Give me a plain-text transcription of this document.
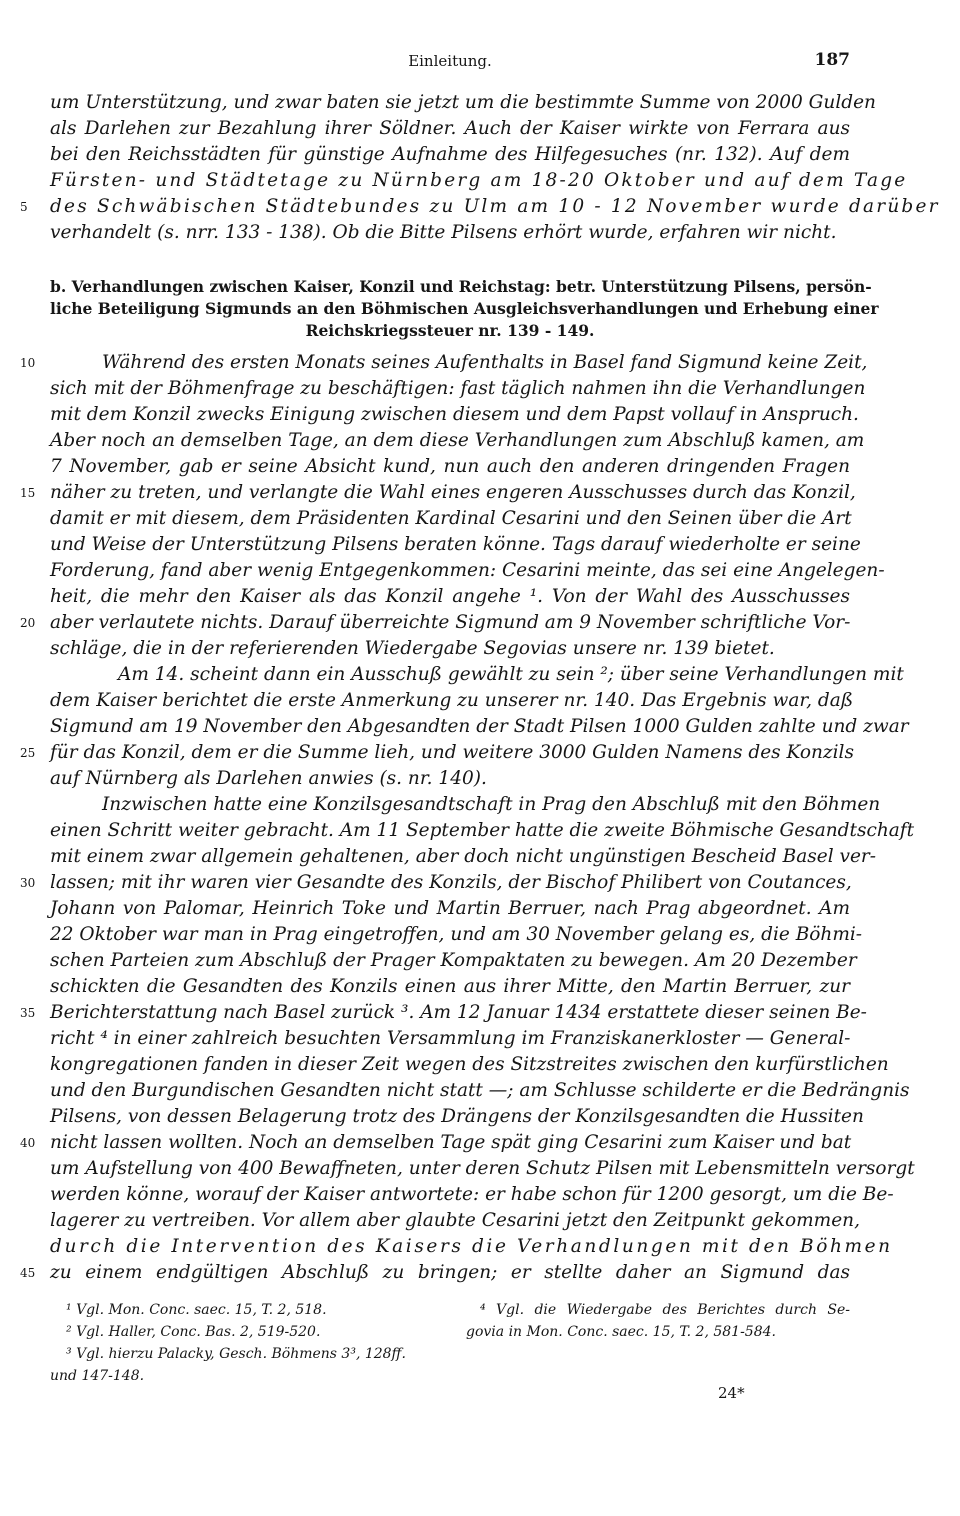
Einleitung.	187
um Unterstützung, und zwar baten sie jetzt um die bestimmte Summe von 2000 Gulden
als Darlehen zur Bezahlung ihrer Söldner. Auch der Kaiser wirkte von Ferrara aus
bei den Reichsstädten für günstige Aufnahme des Hilfegesuches (nr. 132). Auf dem
Fürsten- und Städtetage zu Nürnberg am 18-20 Oktober und auf dem Tage
5	des Schwäbischen Städtebundes zu Ulm am 10 - 12 November wurde darüber
verhandelt (s. nrr. 133 - 138). Ob die Bitte Pilsens erhört wurde, erfahren wir nicht.
b. Verhandlungen zwischen Kaiser, Konzil und Reichstag: betr. Unterstützung Pilsens, persön-
liche Beteiligung Sigmunds an den Böhmischen Ausgleichsverhandlungen und Erhebung einer
Reichskriegssteuer nr. 139 - 149.
10	Während des ersten Monats seines Aufenthalts in Basel fand Sigmund keine Zeit,
sich mit der Böhmenfrage zu beschäftigen: fast täglich nahmen ihn die Verhandlungen
mit dem Konzil zwecks Einigung zwischen diesem und dem Papst vollauf in Anspruch.
Aber noch an demselben Tage, an dem diese Verhandlungen zum Abschluß kamen, am
7 November, gab er seine Absicht kund, nun auch den anderen dringenden Fragen
15 näher zu treten, und verlangte die Wahl eines engeren Ausschusses durch das Konzil,
damit er mit diesem, dem Präsidenten Kardinal Cesarini und den Seinen über die Art
und Weise der Unterstützung Pilsens beraten könne. Tags darauf wiederholte er seine
Forderung, fand aber wenig Entgegenkommen: Cesarini meinte, das sei eine Angelegen-
heit, die mehr den Kaiser als das Konzil angehe ¹. Von der Wahl des Ausschusses
20 aber verlautete nichts. Darauf überreichte Sigmund am 9 November schriftliche Vor-
schläge, die in der referierenden Wiedergabe Segovias unsere nr. 139 bietet.
Am 14. scheint dann ein Ausschuß gewählt zu sein ²; über seine Verhandlungen mit
dem Kaiser berichtet die erste Anmerkung zu unserer nr. 140. Das Ergebnis war, daß
Sigmund am 19 November den Abgesandten der Stadt Pilsen 1000 Gulden zahlte und zwar
25 für das Konzil, dem er die Summe lieh, und weitere 3000 Gulden Namens des Konzils
auf Nürnberg als Darlehen anwies (s. nr. 140).
Inzwischen hatte eine Konzilsgesandtschaft in Prag den Abschluß mit den Böhmen
einen Schritt weiter gebracht. Am 11 September hatte die zweite Böhmische Gesandtschaft
mit einem zwar allgemein gehaltenen, aber doch nicht ungünstigen Bescheid Basel ver-
30 lassen; mit ihr waren vier Gesandte des Konzils, der Bischof Philibert von Coutances,
Johann von Palomar, Heinrich Toke und Martin Berruer, nach Prag abgeordnet. Am
22 Oktober war man in Prag eingetroffen, und am 30 November gelang es, die Böhmi-
schen Parteien zum Abschluß der Prager Kompaktaten zu bewegen. Am 20 Dezember
schickten die Gesandten des Konzils einen aus ihrer Mitte, den Martin Berruer, zur
35 Berichterstattung nach Basel zurück ³. Am 12 Januar 1434 erstattete dieser seinen Be-
richt ⁴ in einer zahlreich besuchten Versammlung im Franziskanerkloster — General-
kongregationen fanden in dieser Zeit wegen des Sitzstreites zwischen den kurfürstlichen
und den Burgundischen Gesandten nicht statt —; am Schlusse schilderte er die Bedrängnis
Pilsens, von dessen Belagerung trotz des Drängens der Konzilsgesandten die Hussiten
40 nicht lassen wollten. Noch an demselben Tage spät ging Cesarini zum Kaiser und bat
um Aufstellung von 400 Bewaffneten, unter deren Schutz Pilsen mit Lebensmitteln versorgt
werden könne, worauf der Kaiser antwortete: er habe schon für 1200 gesorgt, um die Be-
lagerer zu vertreiben. Vor allem aber glaubte Cesarini jetzt den Zeitpunkt gekommen,
durch die Intervention des Kaisers die Verhandlungen mit den Böhmen
45 zu einem endgültigen Abschluß zu bringen; er stellte daher an Sigmund das
¹ Vgl. Mon. Conc. saec. 15, T. 2, 518.
² Vgl. Haller, Conc. Bas. 2, 519-520.
³ Vgl. hierzu Palacky, Gesch. Böhmens 3³, 128ff.
und 147-148.
⁴ Vgl. die Wiedergabe des Berichtes durch Se-
govia in Mon. Conc. saec. 15, T. 2, 581-584.
24*
